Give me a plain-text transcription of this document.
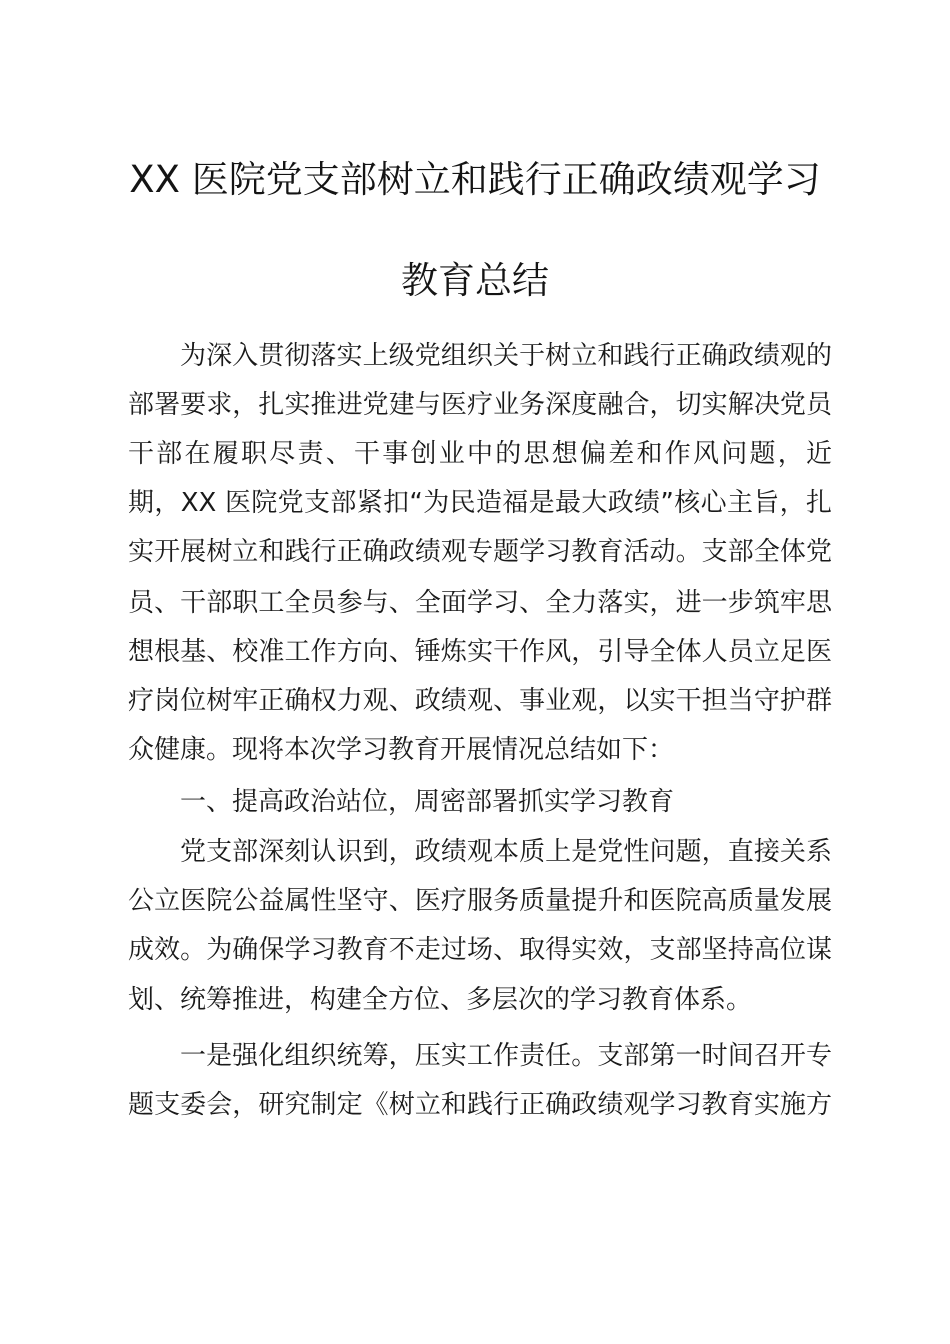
XX 医院党支部树立和践行正确政绩观学习
教育总结
为深入贯彻落实上级党组织关于树立和践行正确政绩观的
部署要求，扎实推进党建与医疗业务深度融合，切实解决党员
干部在履职尽责、干事创业中的思想偏差和作风问题，近
期，XX 医院党支部紧扣“为民造福是最大政绩”核心主旨，扎
实开展树立和践行正确政绩观专题学习教育活动。支部全体党
员、干部职工全员参与、全面学习、全力落实，进一步筑牢思
想根基、校准工作方向、锤炼实干作风，引导全体人员立足医
疗岗位树牢正确权力观、政绩观、事业观，以实干担当守护群
众健康。现将本次学习教育开展情况总结如下：
一、提高政治站位，周密部署抓实学习教育
党支部深刻认识到，政绩观本质上是党性问题，直接关系
公立医院公益属性坚守、医疗服务质量提升和医院高质量发展
成效。为确保学习教育不走过场、取得实效，支部坚持高位谋
划、统筹推进，构建全方位、多层次的学习教育体系。
一是强化组织统筹，压实工作责任。支部第一时间召开专
题支委会，研究制定《树立和践行正确政绩观学习教育实施方
